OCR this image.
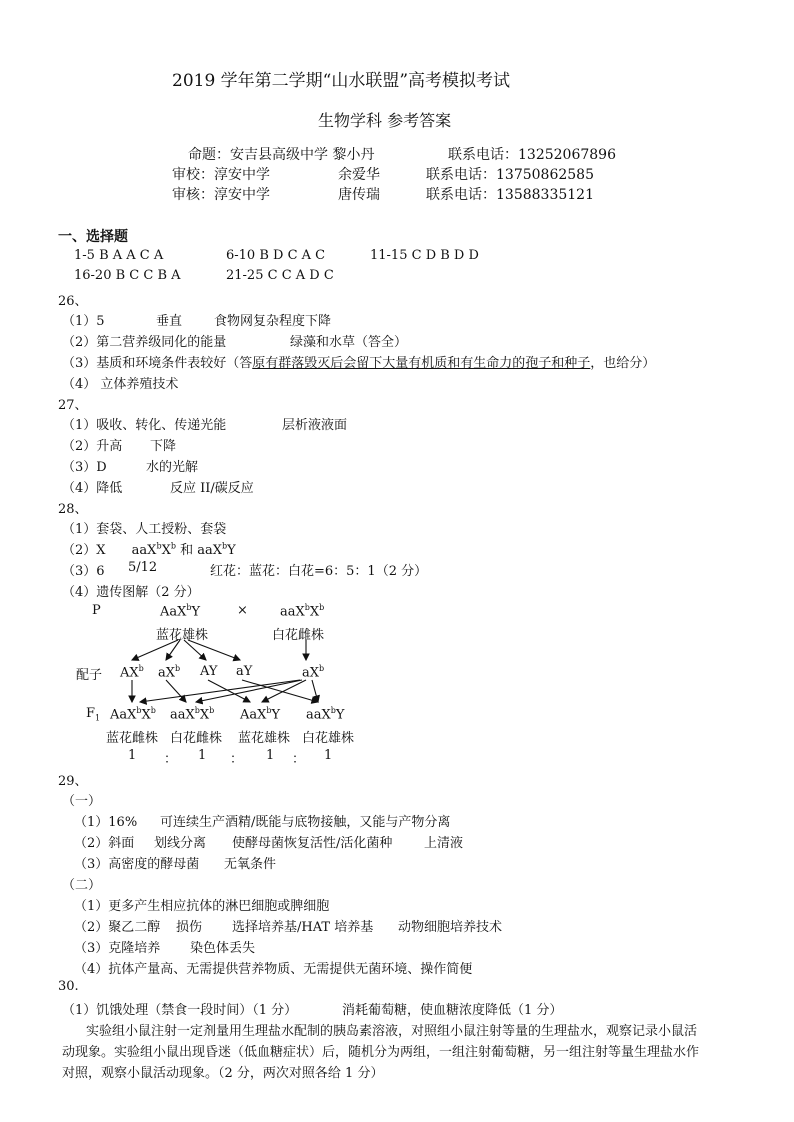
2019 学年第二学期“山水联盟”高考模拟考试
生物学科 参考答案
命题：安吉县高级中学 黎小丹	联系电话：13252067896
审校：淳安中学	余爱华	联系电话：13750862585
审核：淳安中学	唐传瑞	联系电话：13588335121
一、选择题
1-5 B A A C A	6-10 B D C A C	11-15 C D B D D
16-20 B C C B A	21-25 C C A D C
26、
（1）5	垂直 食物网复杂程度下降
（2）第二营养级同化的能量	绿藻和水草（答全）
（3）基质和环境条件表较好（答原有群落毁灭后会留下大量有机质和有生命力的孢子和种子，也给分）
（4） 立体养殖技术
27、
（1）吸收、转化、传递光能	层析液液面
（2）升高 下降
（3）D	水的光解
（4）降低	反应 II/碳反应
28、
（1）套袋、人工授粉、套袋
（2）X $aaX^bX^b$ 和 aaX$^b$Y
（3）6 5/12	红花：蓝花：白花=6：5：1（2 分）
（4）遗传图解（2 分）
P	AaX$^b$Y	× $aaX^bX^b$
蓝花雄株	白花雌株
配子 $AX^b$ $aX^b$ AY aY	$aX^b$
$F_1$ $AaX^bX^b$ $aaX^bX^b$ AaX$^b$Y aaX$^b$Y
蓝花雌株 白花雌株 蓝花雄株 白花雄株
1 ： 1 ： 1 ： 1
29、
（一）
（1）16% 可连续生产酒精/既能与底物接触，又能与产物分离
（2）斜面 划线分离 使酵母菌恢复活性/活化菌种 上清液
（3）高密度的酵母菌 无氧条件
（二）
（1）更多产生相应抗体的淋巴细胞或脾细胞
（2）聚乙二醇 损伤 选择培养基/HAT 培养基 动物细胞培养技术
（3）克隆培养 染色体丢失
（4）抗体产量高、无需提供营养物质、无需提供无菌环境、操作简便
30.
（1）饥饿处理（禁食一段时间）（1 分）	消耗葡萄糖，使血糖浓度降低（1 分）
实验组小鼠注射一定剂量用生理盐水配制的胰岛素溶液，对照组小鼠注射等量的生理盐水，观察记录小鼠活
动现象。实验组小鼠出现昏迷（低血糖症状）后，随机分为两组，一组注射葡萄糖，另一组注射等量生理盐水作
对照，观察小鼠活动现象。（2 分，两次对照各给 1 分）
